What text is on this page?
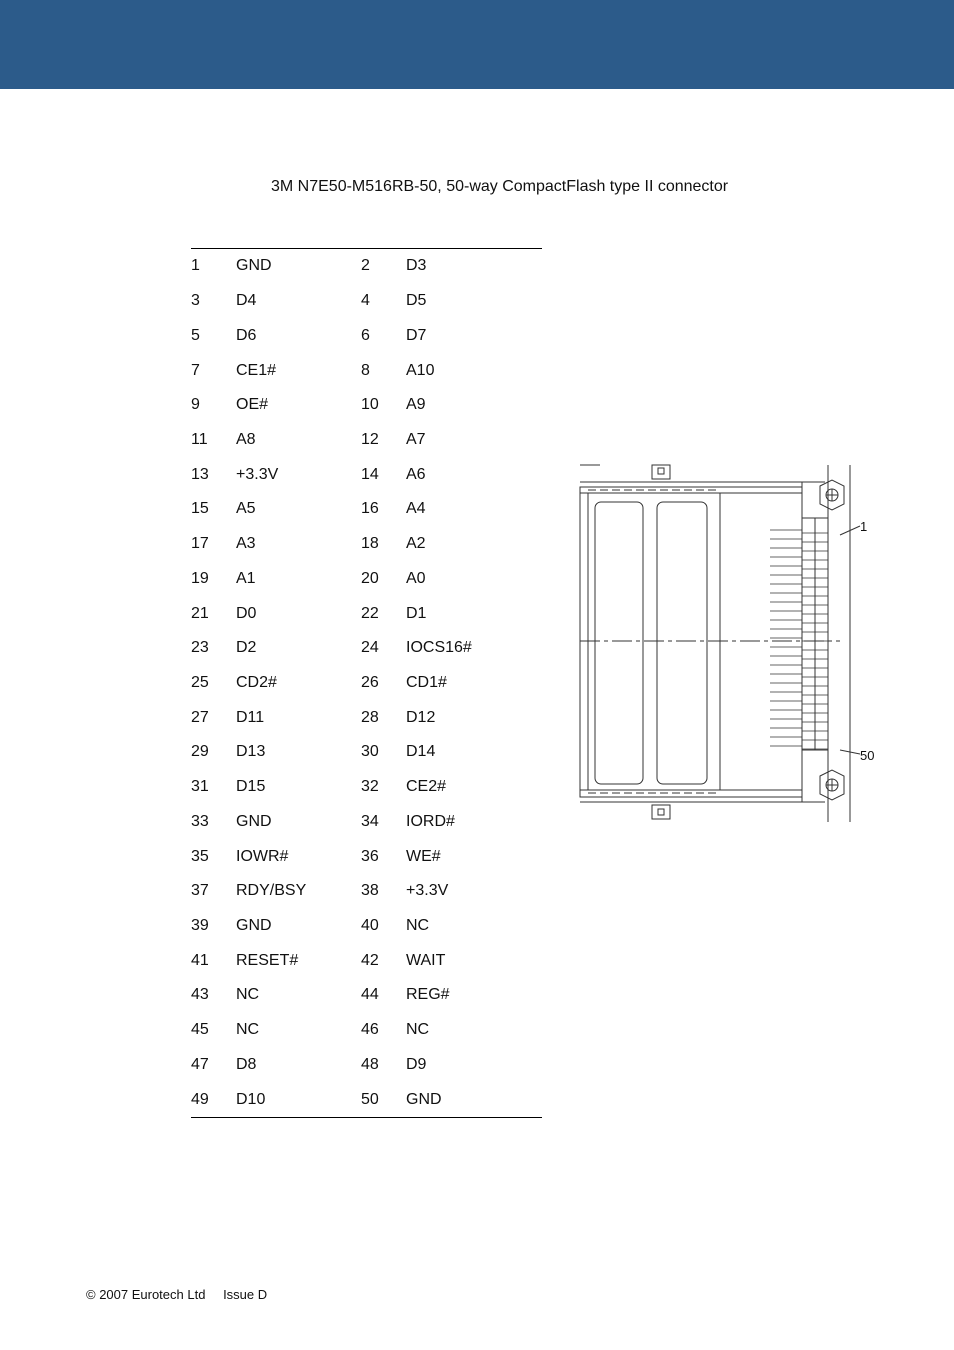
3M N7E50-M516RB-50, 50-way CompactFlash type II connector
1	GND	2	D3
3	D4	4	D5
5	D6	6	D7
7	CE1#	8	A10
9	OE#	10	A9
11	A8	12	A7
13	+3.3V	14	A6
15	A5	16	A4
17	A3	18	A2
19	A1	20	A0
21	D0	22	D1
23	D2	24	IOCS16#
25	CD2#	26	CD1#
27	D11	28	D12
29	D13	30	D14
31	D15	32	CE2#
33	GND	34	IORD#
35	IOWR#	36	WE#
37	RDY/BSY	38	+3.3V
39	GND	40	NC
41	RESET#	42	WAIT
43	NC	44	REG#
45	NC	46	NC
47	D8	48	D9
49	D10	50	GND
1
50
© 2007 Eurotech Ltd Issue D
